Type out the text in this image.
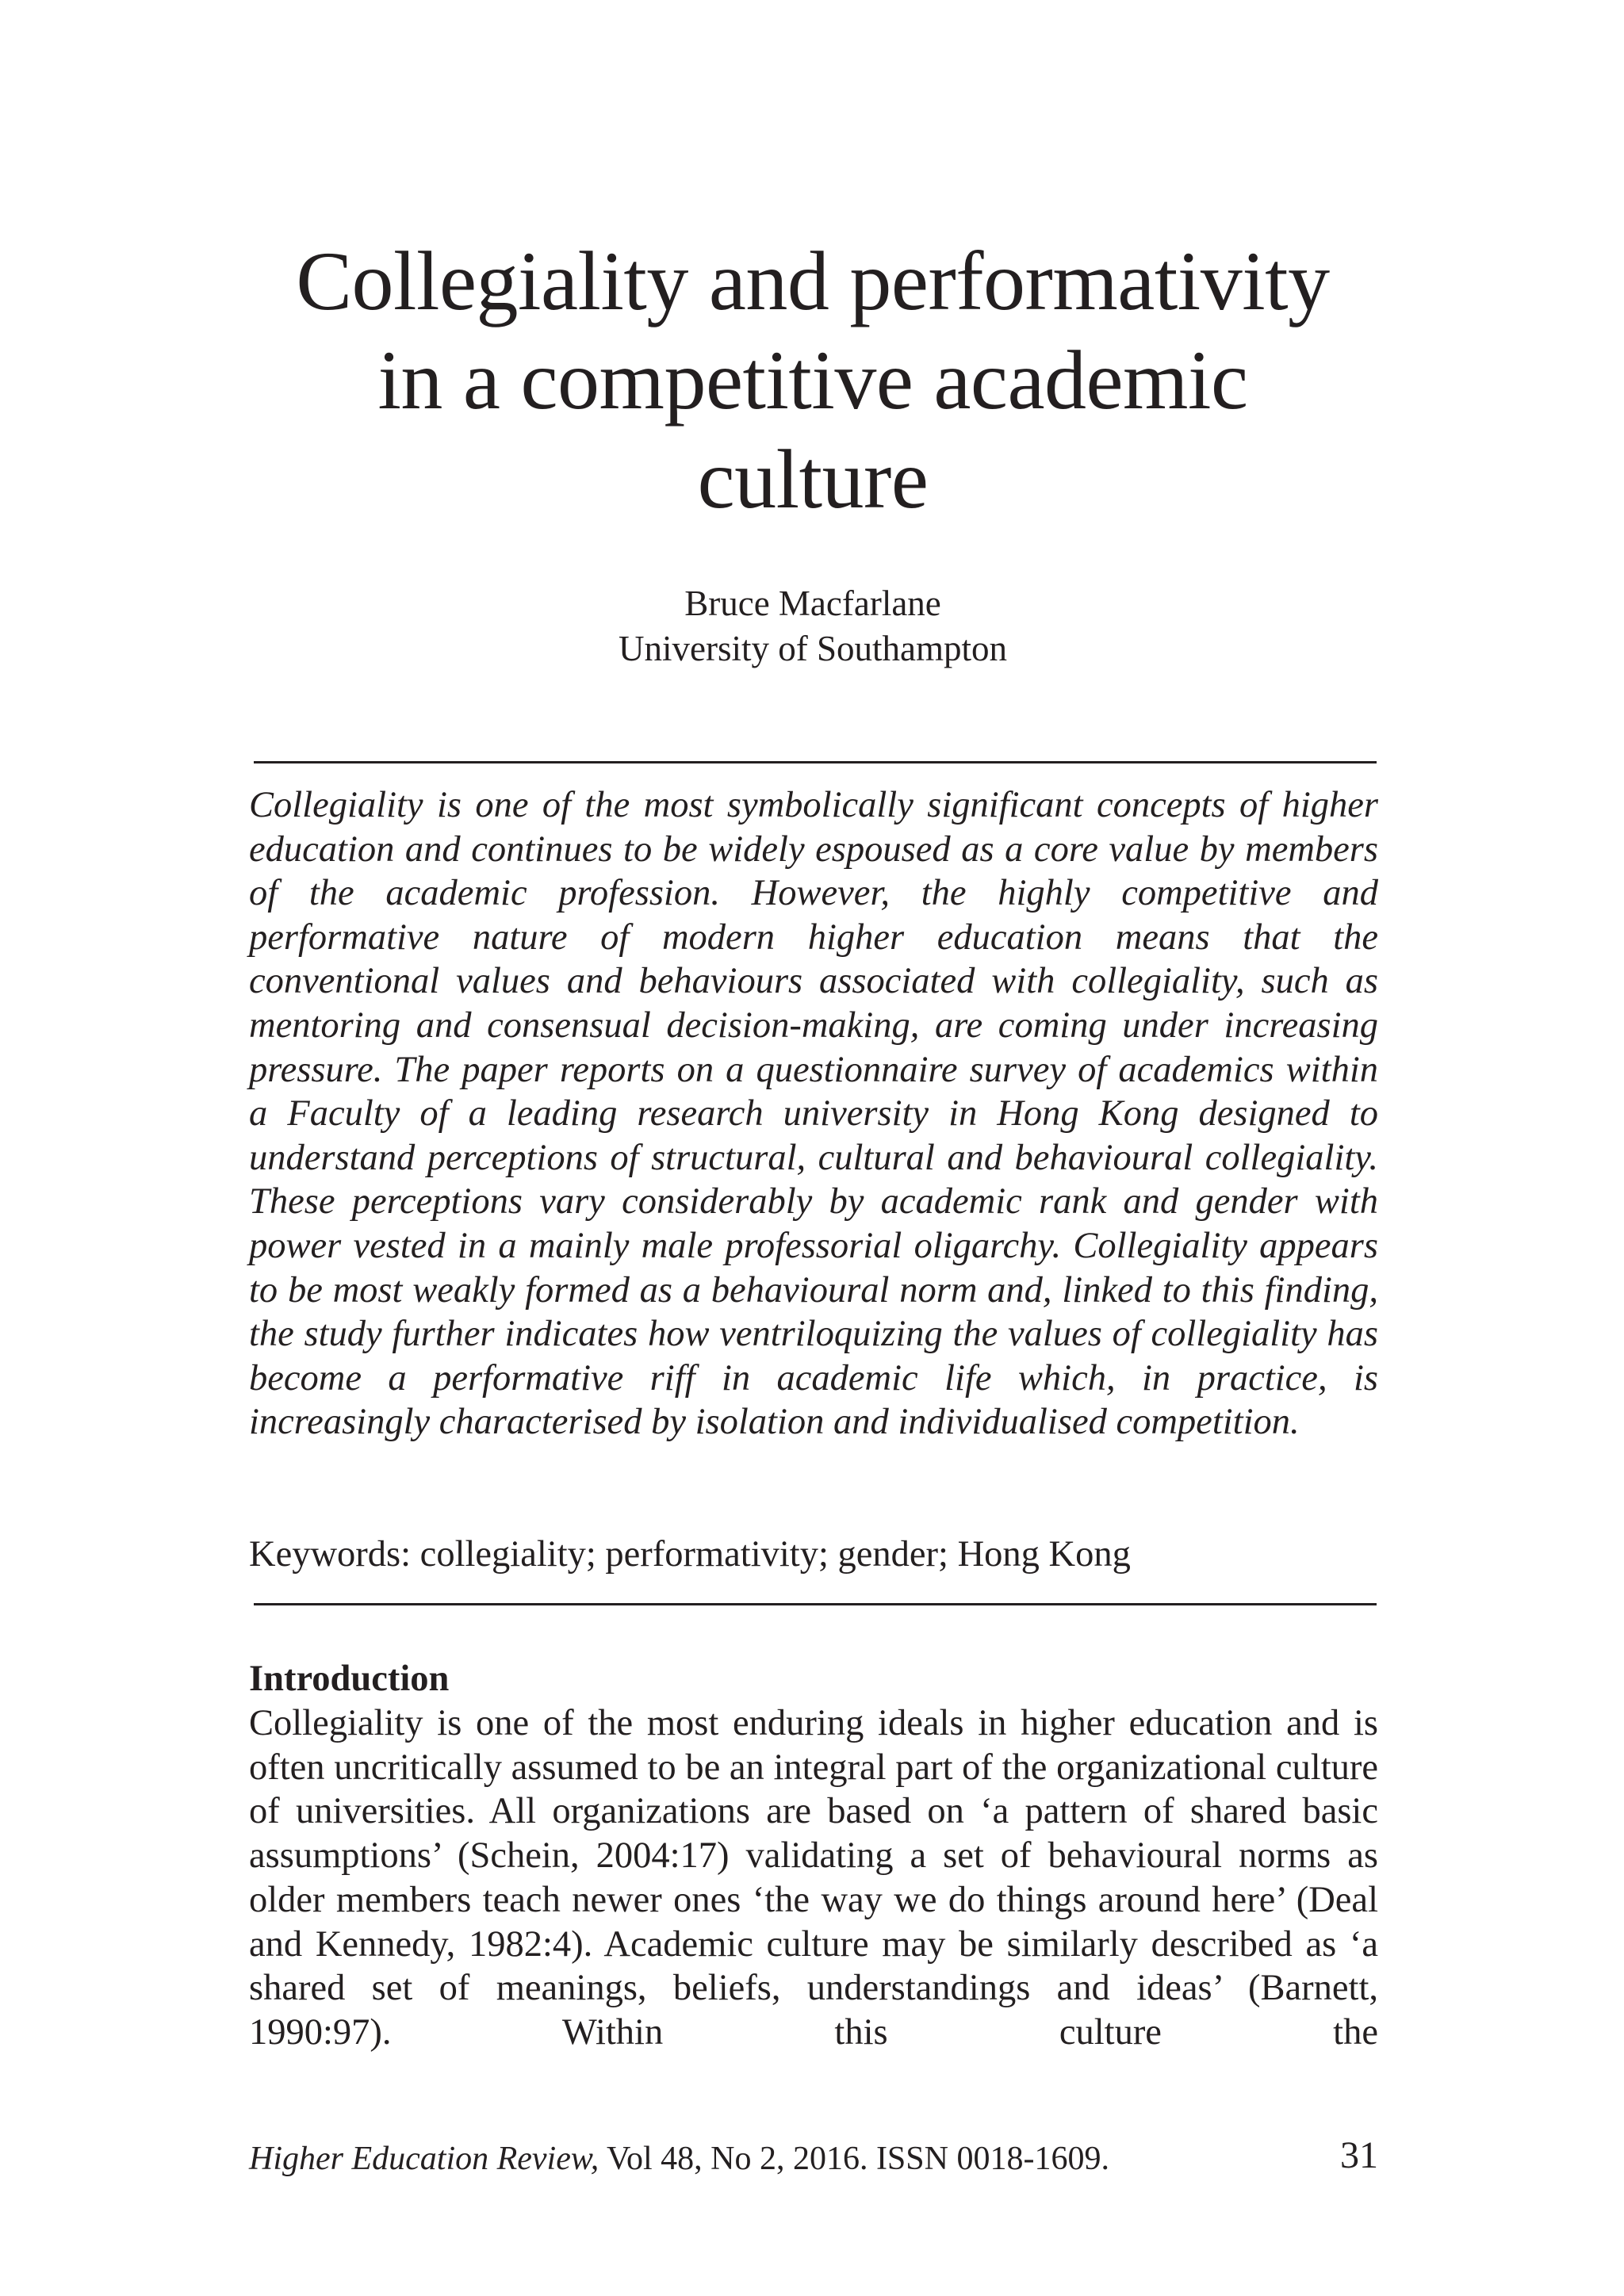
Collegiality and performativity
in a competitive academic
culture
Bruce Macfarlane
University of Southampton

Collegiality is one of the most symbolically significant concepts of higher education and continues to be widely espoused as a core value by members of the academic profession. However, the highly competitive and performative nature of modern higher education means that the conventional values and behaviours associated with collegiality, such as mentoring and consensual decision-making, are coming under increasing pressure. The paper reports on a questionnaire survey of academics within a Faculty of a leading research university in Hong Kong designed to understand perceptions of structural, cultural and behavioural collegiality. These perceptions vary considerably by academic rank and gender with power vested in a mainly male professorial oligarchy. Collegiality appears to be most weakly formed as a behavioural norm and, linked to this finding, the study further indicates how ventriloquizing the values of collegiality has become a performative riff in academic life which, in practice, is increasingly characterised by isolation and individualised competition.

Keywords: collegiality; performativity; gender; Hong Kong

Introduction

Collegiality is one of the most enduring ideals in higher education and is often uncritically assumed to be an integral part of the organizational culture of universities. All organizations are based on ‘a pattern of shared basic assumptions’ (Schein, 2004:17) validating a set of behavioural norms as older members teach newer ones ‘the way we do things around here’ (Deal and Kennedy, 1982:4). Academic culture may be similarly described as ‘a shared set of meanings, beliefs, understandings and ideas’ (Barnett, 1990:97). Within this culture the

Higher Education Review, Vol 48, No 2, 2016. ISSN 0018-1609.	31
